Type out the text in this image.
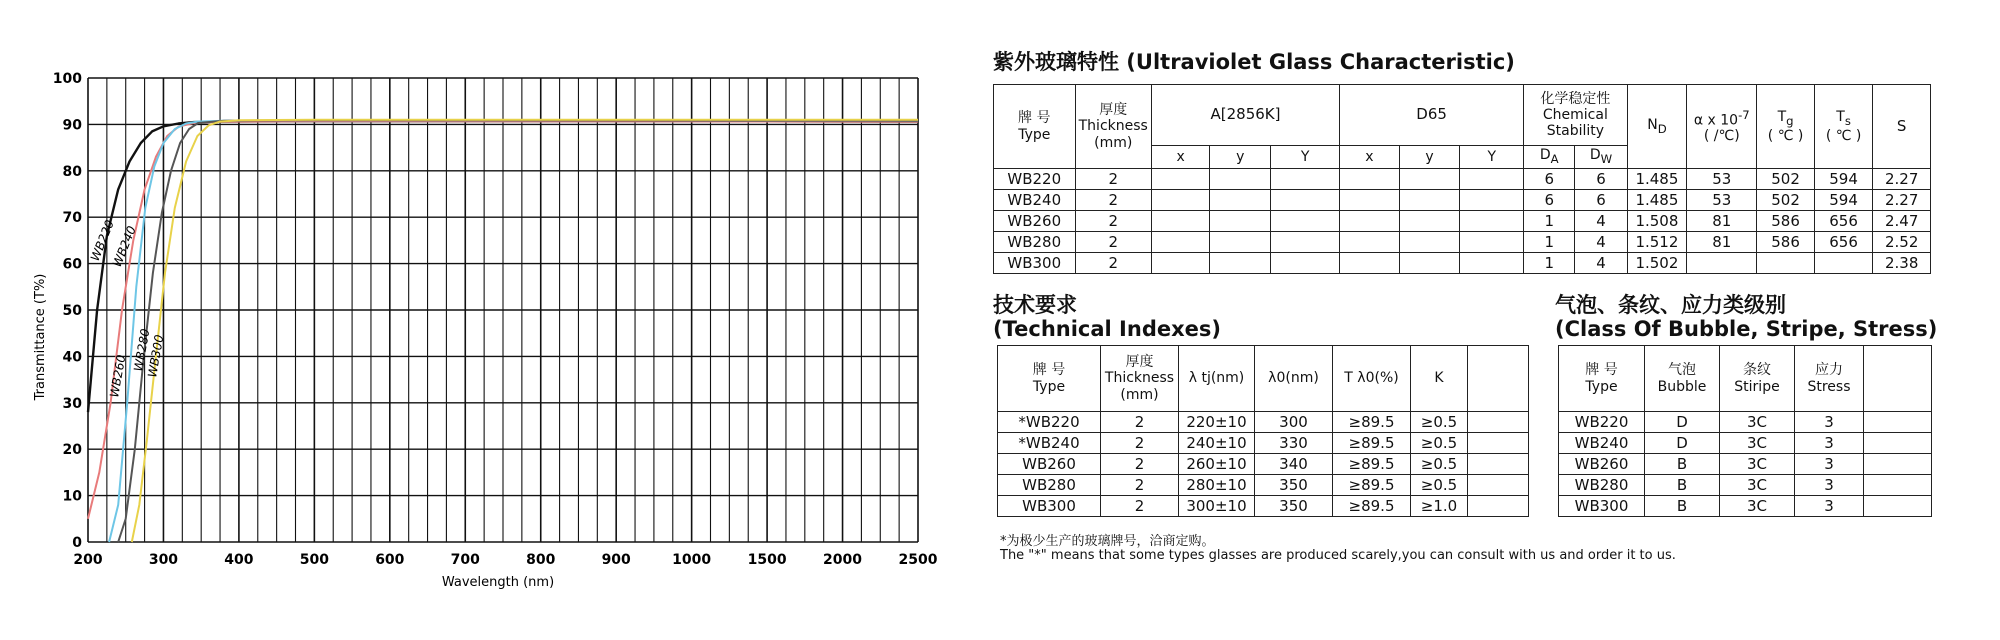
0
10
20
30
40
50
60
70
80
90
100
200	300	400	500	600	700	800	900	1000	1500	2000	2500
WB220
WB240
WB260
WB280
WB300
Transmittance (T%)
Wavelength (nm)
紫外玻璃特性 (Ultraviolet Glass Characteristic)
牌 号
Type	厚度
Thickness
(mm)	A[2856K]			D65			化学稳定性
Chemical
Stability		$N_D$	α x $10^{-7}$
( /℃)	$T_g$
( ℃ )	$T_s$
( ℃ )	S
		x	y	Y	x	y	Y	$D_A$	$D_W$
WB220	2							6	6	1.485	53	502	594	2.27
WB240	2							6	6	1.485	53	502	594	2.27
WB260	2							1	4	1.508	81	586	656	2.47
WB280	2							1	4	1.512	81	586	656	2.52
WB300	2							1	4	1.502				2.38
技术要求
(Technical Indexes)
牌 号
Type	厚度
Thickness
(mm)	λ tj(nm)	λ0(nm)	T λ0(%)	K	
*WB220	2	220±10	300	≥89.5	≥0.5	
*WB240	2	240±10	330	≥89.5	≥0.5	
WB260	2	260±10	340	≥89.5	≥0.5	
WB280	2	280±10	350	≥89.5	≥0.5	
WB300	2	300±10	350	≥89.5	≥1.0	
气泡、条纹、应力类级别
(Class Of Bubble, Stripe, Stress)
牌 号
Type	气泡
Bubble	条纹
Stiripe	应力
Stress	

WB220	D	3C	3	
WB240	D	3C	3	
WB260	B	3C	3	
WB280	B	3C	3	
WB300	B	3C	3	
*为极少生产的玻璃牌号，洽商定购。
The "*" means that some types glasses are produced scarely,you can consult with us and order it to us.
